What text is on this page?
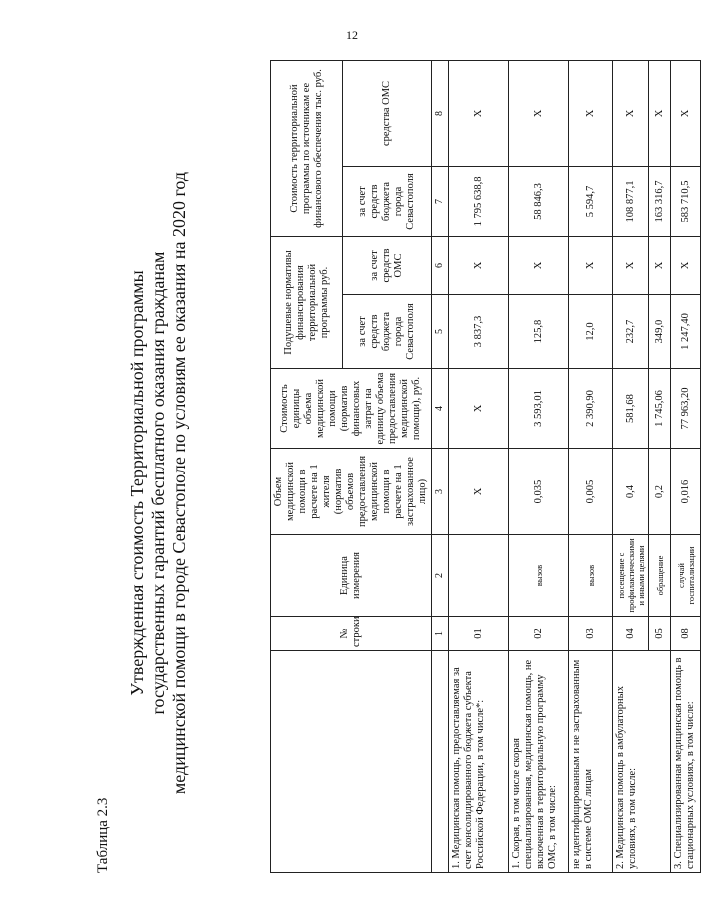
12
Таблица 2.3
Утвержденная стоимость Территориальной программы государственных гарантий бесплатного оказания гражданам медицинской помощи в городе Севастополе по условиям ее оказания на 2020 год
		№ строки	Единица измерения	Объем медицинской помощи в расчете на 1 жителя (норматив объемов предоставления медицинской помощи в расчете на 1 застрахованное лицо)	Стоимость единицы объема медицинской помощи (норматив финансовых затрат на единицу объема предоставления медицинской помощи), руб.	Подушевые нормативы финансирования территориальной программы руб.		Стоимость территориальной программы по источникам ее финансового обеспечения тыс. руб.	
					за счет средств бюджета города Севастополя	за счет средств ОМС	за счет средств бюджета города Севастополя	средства ОМС
	1	2	3	4	5	6	7	8
1. Медицинская помощь, предоставляемая за счет консолидированного бюджета субъекта Российской Федерации, в том числе*:	01		Х	Х	3 837,3	Х	1 795 638,8	Х
1. Скорая, в том числе скорая специализированная, медицинская помощь, не включенная в территориальную программу ОМС, в том числе:	02	вызов	0,035	3 593,01	125,8	Х	58 846,3	Х
не идентифицированным и не застрахованным в системе ОМС лицам	03	вызов	0,005	2 390,90	12,0	Х	5 594,7	Х
2. Медицинская помощь в амбулаторных условиях, в том числе:	04	посещение с профилактическими и иными целями	0,4	581,68	232,7	Х	108 877,1	Х
	05	обращение	0,2	1 745,06	349,0	Х	163 316,7	Х
3. Специализированная медицинская помощь в стационарных условиях, в том числе:	08	случай госпитализации	0,016	77 963,20	1 247,40	Х	583 710,5	Х
